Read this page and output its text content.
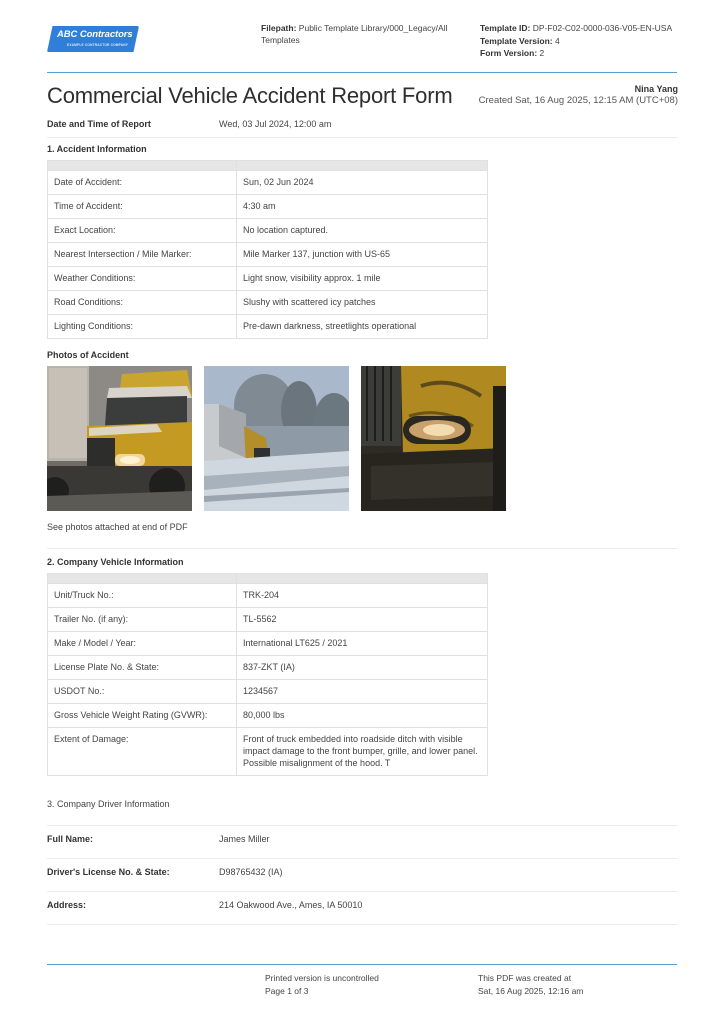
ABC Contractors
EXAMPLE CONTRACTOR COMPANY
Filepath: Public Template Library/000_Legacy/All Templates
Template ID: DP-F02-C02-0000-036-V05-EN-USA
Template Version: 4
Form Version: 2
Commercial Vehicle Accident Report Form	Nina Yang
Created Sat, 16 Aug 2025, 12:15 AM (UTC+08)
Date and Time of Report	Wed, 03 Jul 2024, 12:00 am
1. Accident Information

Date of Accident:	Sun, 02 Jun 2024
Time of Accident:	4:30 am
Exact Location:	No location captured.
Nearest Intersection / Mile Marker:	Mile Marker 137, junction with US-65
Weather Conditions:	Light snow, visibility approx. 1 mile
Road Conditions:	Slushy with scattered icy patches
Lighting Conditions:	Pre-dawn darkness, streetlights operational
Photos of Accident
See photos attached at end of PDF
2. Company Vehicle Information

Unit/Truck No.:	TRK-204
Trailer No. (if any):	TL-5562
Make / Model / Year:	International LT625 / 2021
License Plate No. & State:	837-ZKT (IA)
USDOT No.:	1234567
Gross Vehicle Weight Rating (GVWR):	80,000 lbs
Extent of Damage:	Front of truck embedded into roadside ditch with visible impact damage to the front bumper, grille, and lower panel. Possible misalignment of the hood. T
3. Company Driver Information
Full Name:	James Miller
Driver's License No. & State:	D98765432 (IA)
Address:	214 Oakwood Ave., Ames, IA 50010
Printed version is uncontrolled
Page 1 of 3
This PDF was created at
Sat, 16 Aug 2025, 12:16 am
